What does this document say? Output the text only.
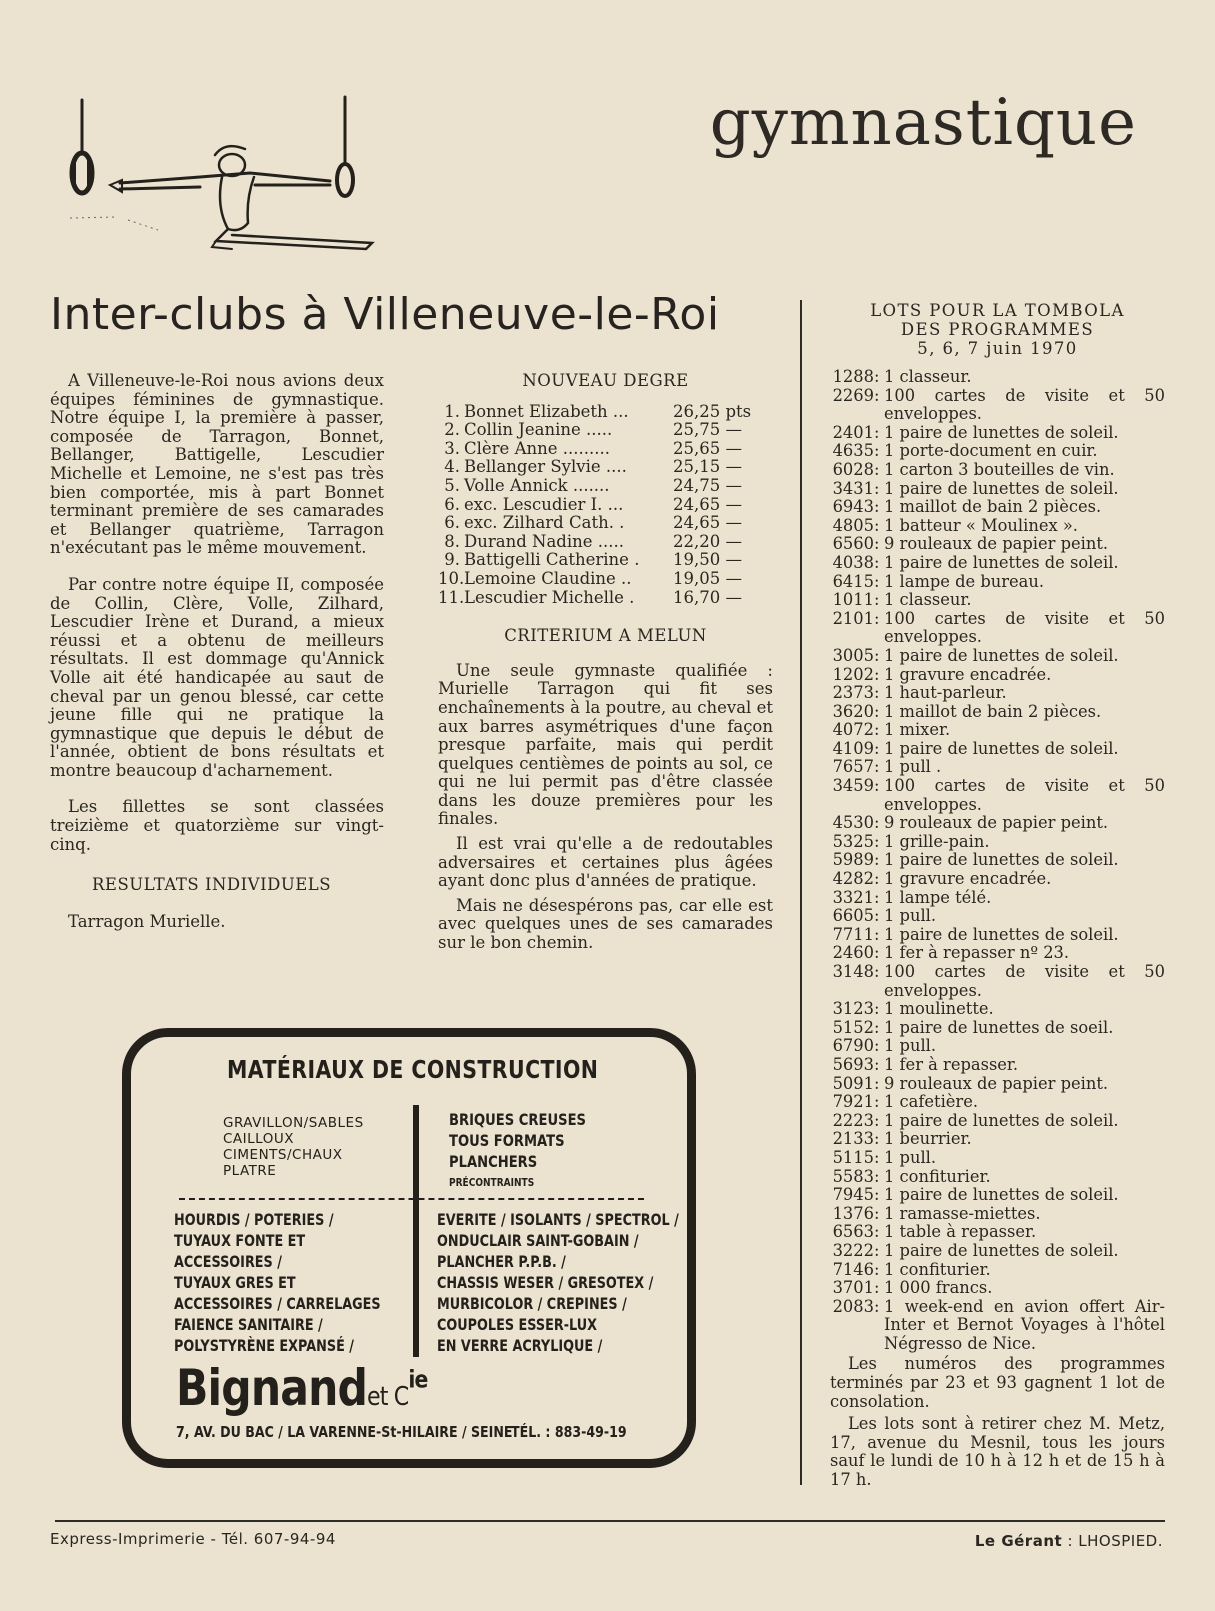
gymnastique
Inter-clubs à Villeneuve-le-Roi

A Villeneuve-le-Roi nous avions deux équipes féminines de gymnastique. Notre équipe I, la première à passer, composée de Tarragon, Bonnet, Bellanger, Battigelle, Lescudier Michelle et Lemoine, ne s'est pas très bien comportée, mis à part Bonnet terminant première de ses camarades et Bellanger quatrième, Tarragon n'exécutant pas le même mouvement.

Par contre notre équipe II, composée de Collin, Clère, Volle, Zilhard, Lescudier Irène et Durand, a mieux réussi et a obtenu de meilleurs résultats. Il est dommage qu'Annick Volle ait été handicapée au saut de cheval par un genou blessé, car cette jeune fille qui ne pratique la gymnastique que depuis le début de l'année, obtient de bons résultats et montre beaucoup d'acharnement.

Les fillettes se sont classées treizième et quatorzième sur vingt-cinq.

RESULTATS INDIVIDUELS

Tarragon Murielle.

NOUVEAU DEGRE
1. Bonnet Elizabeth ...	26,25 pts
2. Collin Jeanine .....	25,75 —
3. Clère Anne .........	25,65 —
4. Bellanger Sylvie ....	25,15 —
5. Volle Annick .......	24,75 —
6. exc. Lescudier I. ...	24,65 —
6. exc. Zilhard Cath. .	24,65 —
8. Durand Nadine .....	22,20 —
9. Battigelli Catherine .	19,50 —
10. Lemoine Claudine ..	19,05 —
11. Lescudier Michelle .	16,70 —
CRITERIUM A MELUN

Une seule gymnaste qualifiée : Murielle Tarragon qui fit ses enchaînements à la poutre, au cheval et aux barres asymétriques d'une façon presque parfaite, mais qui perdit quelques centièmes de points au sol, ce qui ne lui permit pas d'être classée dans les douze premières pour les finales.

Il est vrai qu'elle a de redoutables adversaires et certaines plus âgées ayant donc plus d'années de pratique.

Mais ne désespérons pas, car elle est avec quelques unes de ses camarades sur le bon chemin.

LOTS POUR LA TOMBOLA
DES PROGRAMMES
5, 6, 7 juin 1970
1288 : 1 classeur.
2269 : 100 cartes de visite et 50 enveloppes.
2401 : 1 paire de lunettes de soleil.
4635 : 1 porte-document en cuir.
6028 : 1 carton 3 bouteilles de vin.
3431 : 1 paire de lunettes de soleil.
6943 : 1 maillot de bain 2 pièces.
4805 : 1 batteur « Moulinex ».
6560 : 9 rouleaux de papier peint.
4038 : 1 paire de lunettes de soleil.
6415 : 1 lampe de bureau.
1011 : 1 classeur.
2101 : 100 cartes de visite et 50 enveloppes.
3005 : 1 paire de lunettes de soleil.
1202 : 1 gravure encadrée.
2373 : 1 haut-parleur.
3620 : 1 maillot de bain 2 pièces.
4072 : 1 mixer.
4109 : 1 paire de lunettes de soleil.
7657 : 1 pull .
3459 : 100 cartes de visite et 50 enveloppes.
4530 : 9 rouleaux de papier peint.
5325 : 1 grille-pain.
5989 : 1 paire de lunettes de soleil.
4282 : 1 gravure encadrée.
3321 : 1 lampe télé.
6605 : 1 pull.
7711 : 1 paire de lunettes de soleil.
2460 : 1 fer à repasser nº 23.
3148 : 100 cartes de visite et 50 enveloppes.
3123 : 1 moulinette.
5152 : 1 paire de lunettes de soeil.
6790 : 1 pull.
5693 : 1 fer à repasser.
5091 : 9 rouleaux de papier peint.
7921 : 1 cafetière.
2223 : 1 paire de lunettes de soleil.
2133 : 1 beurrier.
5115 : 1 pull.
5583 : 1 confiturier.
7945 : 1 paire de lunettes de soleil.
1376 : 1 ramasse-miettes.
6563 : 1 table à repasser.
3222 : 1 paire de lunettes de soleil.
7146 : 1 confiturier.
3701 : 1 000 francs.
2083 : 1 week-end en avion offert Air-Inter et Bernot Voyages à l'hôtel Négresso de Nice.

Les numéros des programmes terminés par 23 et 93 gagnent 1 lot de consolation.

Les lots sont à retirer chez M. Metz, 17, avenue du Mesnil, tous les jours sauf le lundi de 10 h à 12 h et de 15 h à 17 h.

MATÉRIAUX DE CONSTRUCTION
GRAVILLON/SABLES
CAILLOUX
CIMENTS/CHAUX
PLATRE
BRIQUES CREUSES
TOUS FORMATS
PLANCHERS
PRÉCONTRAINTS
HOURDIS / POTERIES /
TUYAUX FONTE ET
ACCESSOIRES /
TUYAUX GRES ET
ACCESSOIRES / CARRELAGES
FAIENCE SANITAIRE /
POLYSTYRÈNE EXPANSÉ /
EVERITE / ISOLANTS / SPECTROL /
ONDUCLAIR SAINT-GOBAIN /
PLANCHER P.P.B. /
CHASSIS WESER / GRESOTEX /
MURBICOLOR / CREPINES /
COUPOLES ESSER-LUX
EN VERRE ACRYLIQUE /
Bignandet $C^{ie}$
7, AV. DU BAC / LA VARENNE-St-HILAIRE / SEINE
TÉL. : 883-49-19
Express-Imprimerie - Tél. 607-94-94	Le Gérant : LHOSPIED.
